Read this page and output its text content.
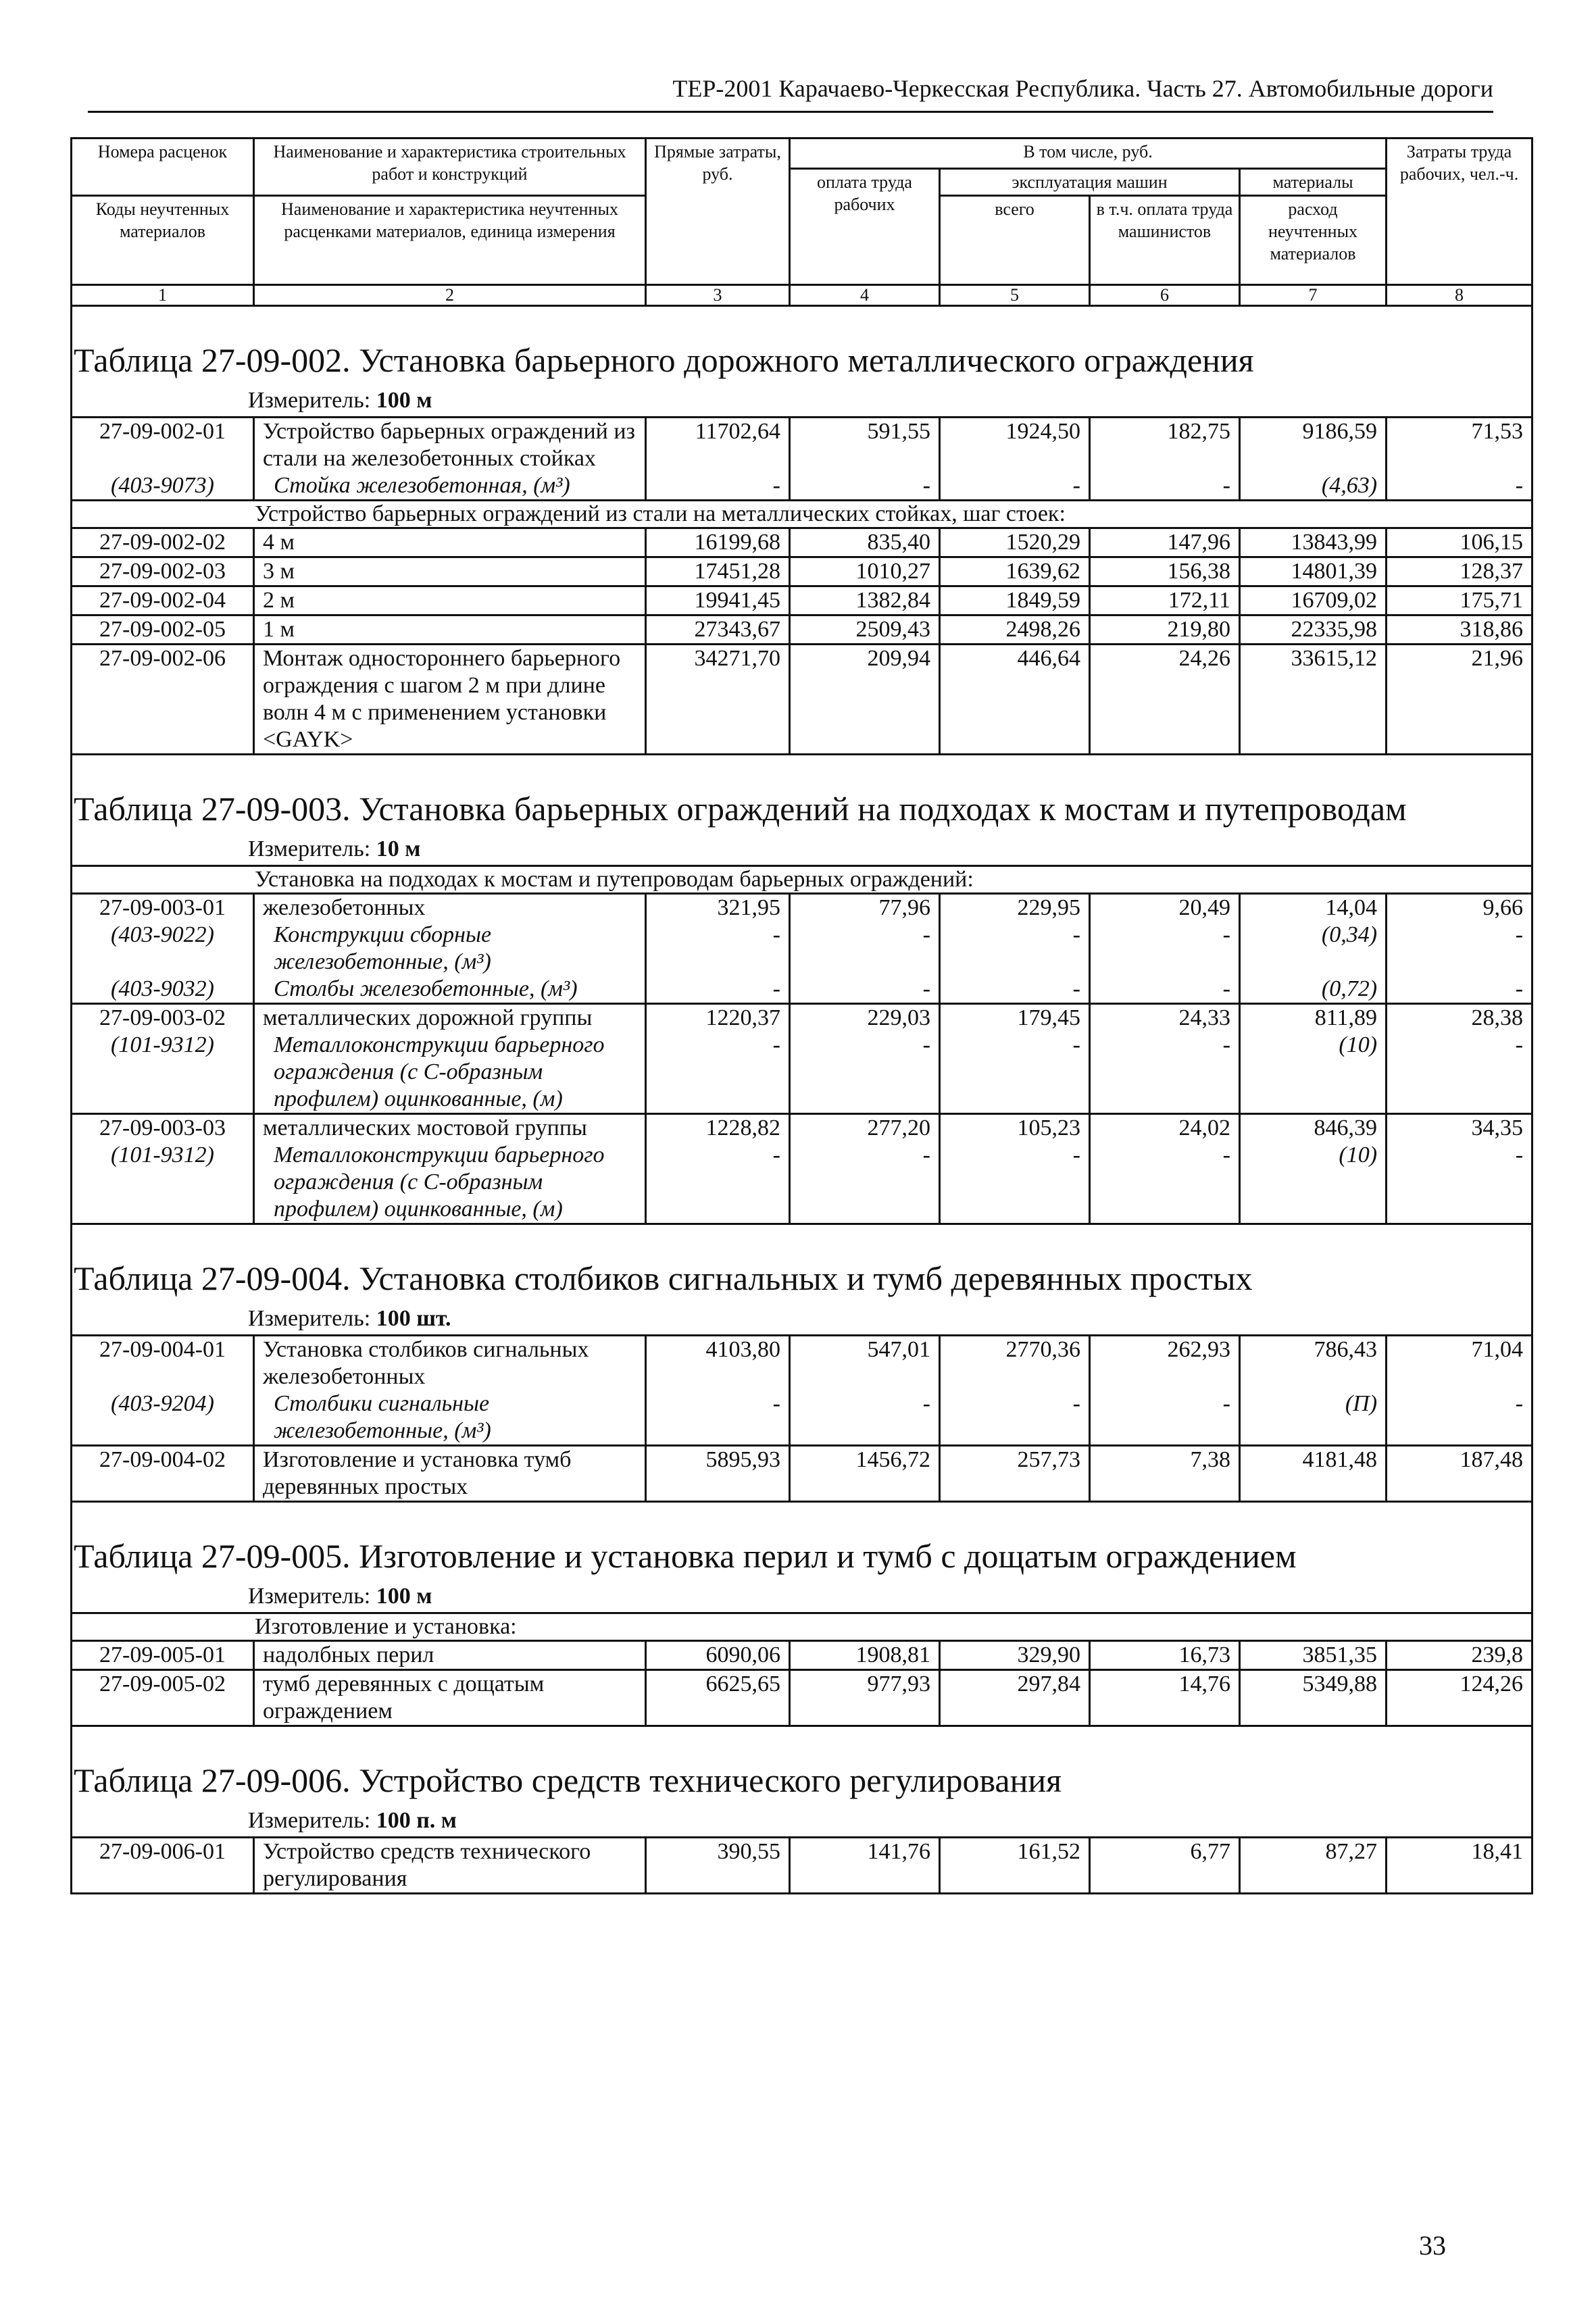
ТЕР-2001 Карачаево-Черкесская Республика. Часть 27. Автомобильные дороги
Номера расценок	Наименование и характеристика строительных работ и конструкций	Прямые затраты, руб.	В том числе, руб.				Затраты труда рабочих, чел.-ч.
			оплата труда рабочих	эксплуатация машин		материалы	
Коды неучтенных материалов	Наименование и характеристика неучтенных расценками материалов, единица измерения			всего	в т.ч. оплата труда машинистов	расход неучтенных материалов	

1	2	3	4	5	6	7	8
Таблица 27-09-002. Установка барьерного дорожного металлического ограждения							
Измеритель: 100 м							
27-09-002-01	Устройство барьерных ограждений из стали на железобетонных стойках	11702,64	591,55	1924,50	182,75	9186,59	71,53
(403-9073)	Стойка железобетонная, (м³)	-	-	-	-	(4,63)	-
Устройство барьерных ограждений из стали на металлических стойках, шаг стоек:							
27-09-002-02	4 м	16199,68	835,40	1520,29	147,96	13843,99	106,15
27-09-002-03	3 м	17451,28	1010,27	1639,62	156,38	14801,39	128,37
27-09-002-04	2 м	19941,45	1382,84	1849,59	172,11	16709,02	175,71
27-09-002-05	1 м	27343,67	2509,43	2498,26	219,80	22335,98	318,86
27-09-002-06	Монтаж одностороннего барьерного ограждения с шагом 2 м при длине волн 4 м с применением установки <GAYK>	34271,70	209,94	446,64	24,26	33615,12	21,96
Таблица 27-09-003. Установка барьерных ограждений на подходах к мостам и путепроводам							
Измеритель: 10 м							
Установка на подходах к мостам и путепроводам барьерных ограждений:							
27-09-003-01	железобетонных	321,95	77,96	229,95	20,49	14,04	9,66
(403-9022)	Конструкции сборные железобетонные, (м³)	-	-	-	-	(0,34)	-
(403-9032)	Столбы железобетонные, (м³)	-	-	-	-	(0,72)	-
27-09-003-02	металлических дорожной группы	1220,37	229,03	179,45	24,33	811,89	28,38
(101-9312)	Металлоконструкции барьерного ограждения (с С-образным профилем) оцинкованные, (м)	-	-	-	-	(10)	-
27-09-003-03	металлических мостовой группы	1228,82	277,20	105,23	24,02	846,39	34,35
(101-9312)	Металлоконструкции барьерного ограждения (с С-образным профилем) оцинкованные, (м)	-	-	-	-	(10)	-
Таблица 27-09-004. Установка столбиков сигнальных и тумб деревянных простых							
Измеритель: 100 шт.							
27-09-004-01	Установка столбиков сигнальных железобетонных	4103,80	547,01	2770,36	262,93	786,43	71,04
(403-9204)	Столбики сигнальные железобетонные, (м³)	-	-	-	-	(П)	-
27-09-004-02	Изготовление и установка тумб деревянных простых	5895,93	1456,72	257,73	7,38	4181,48	187,48
Таблица 27-09-005. Изготовление и установка перил и тумб с дощатым ограждением							
Измеритель: 100 м							
Изготовление и установка:							
27-09-005-01	надолбных перил	6090,06	1908,81	329,90	16,73	3851,35	239,8
27-09-005-02	тумб деревянных с дощатым ограждением	6625,65	977,93	297,84	14,76	5349,88	124,26
Таблица 27-09-006. Устройство средств технического регулирования							
Измеритель: 100 п. м							
27-09-006-01	Устройство средств технического регулирования	390,55	141,76	161,52	6,77	87,27	18,41
33
